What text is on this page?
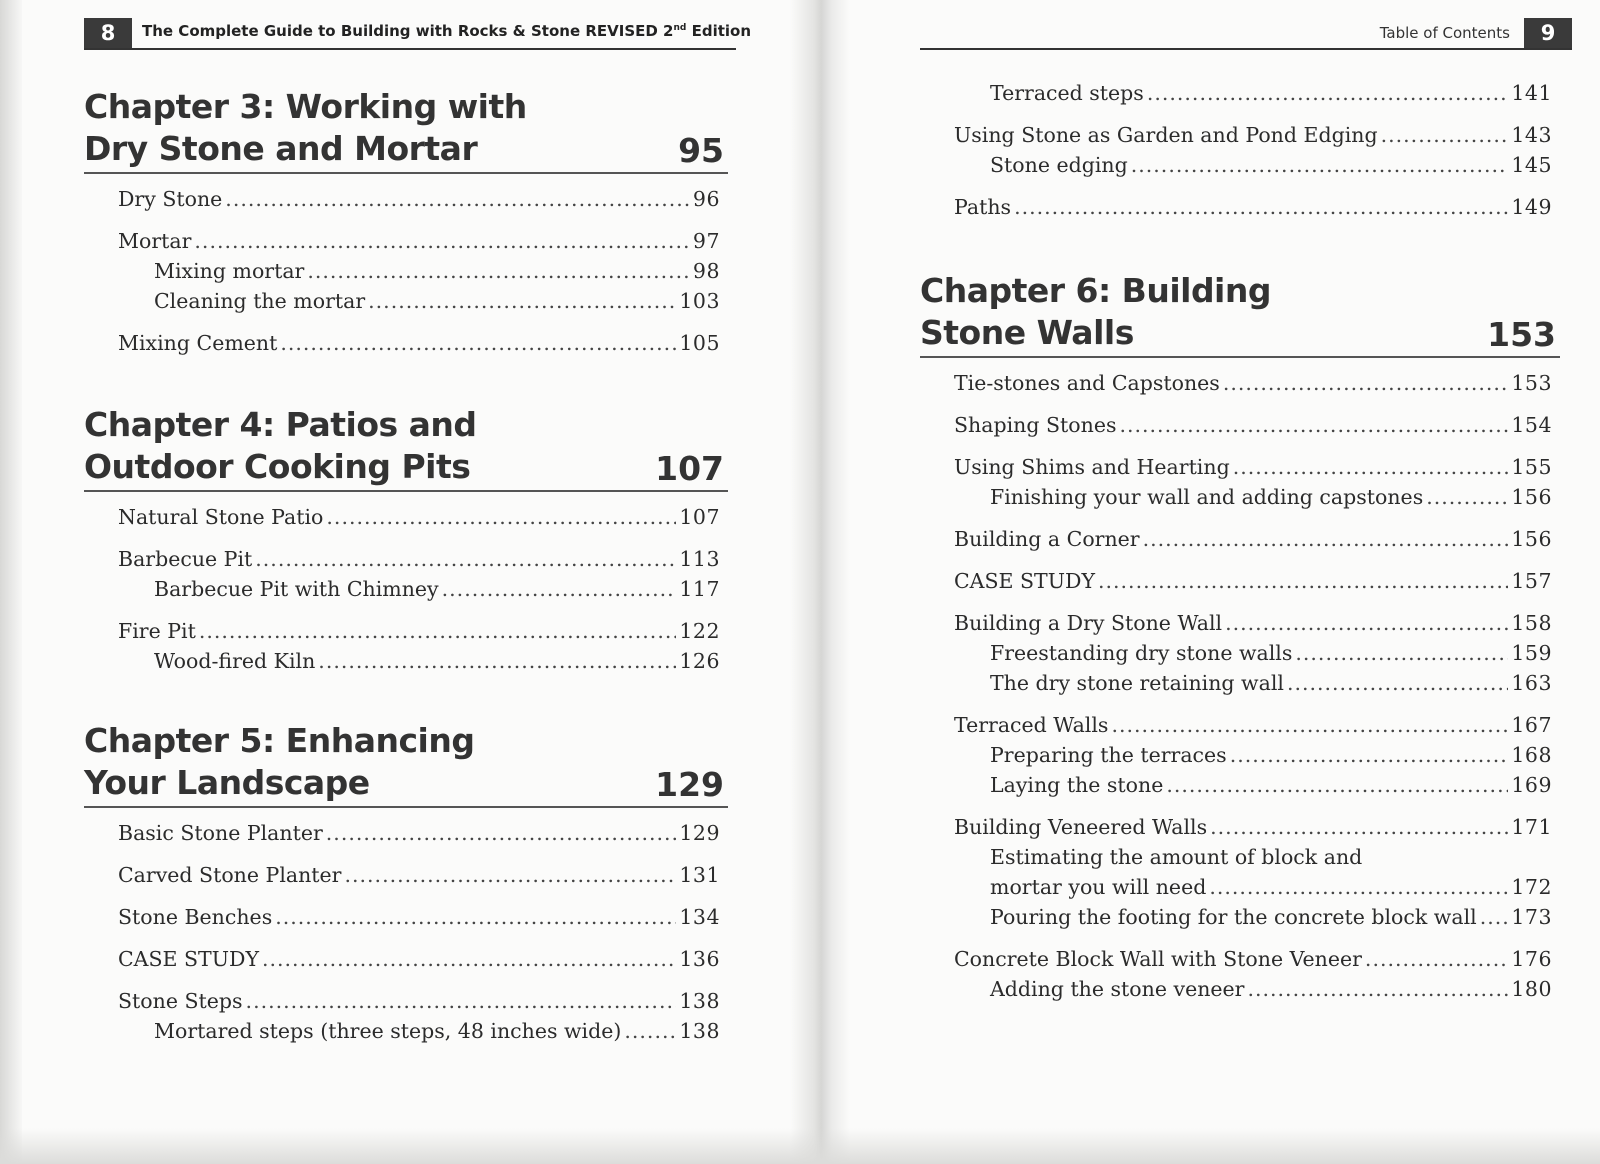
8	The Complete Guide to Building with Rocks & Stone REVISED 2nd Edition
Chapter 3: Working with
Dry Stone and Mortar	95
Dry Stone .....	96
Mortar .....	97
Mixing mortar .....	98
Cleaning the mortar .....	103
Mixing Cement .....	105
Chapter 4: Patios and
Outdoor Cooking Pits	107
Natural Stone Patio .....	107
Barbecue Pit .....	113
Barbecue Pit with Chimney .....	117
Fire Pit .....	122
Wood-fired Kiln .....	126
Chapter 5: Enhancing
Your Landscape	129
Basic Stone Planter .....	129
Carved Stone Planter .....	131
Stone Benches .....	134
CASE STUDY .....	136
Stone Steps .....	138
Mortared steps (three steps, 48 inches wide) .....	138
Table of Contents	9
Terraced steps .....	141
Using Stone as Garden and Pond Edging .....	143
Stone edging .....	145
Paths .....	149
Chapter 6: Building
Stone Walls	153
Tie-stones and Capstones .....	153
Shaping Stones .....	154
Using Shims and Hearting .....	155
Finishing your wall and adding capstones .....	156
Building a Corner .....	156
CASE STUDY .....	157
Building a Dry Stone Wall .....	158
Freestanding dry stone walls .....	159
The dry stone retaining wall .....	163
Terraced Walls .....	167
Preparing the terraces .....	168
Laying the stone .....	169
Building Veneered Walls .....	171
Estimating the amount of block and
mortar you will need .....	172
Pouring the footing for the concrete block wall ..... 173
Concrete Block Wall with Stone Veneer .....	176
Adding the stone veneer .....	180
